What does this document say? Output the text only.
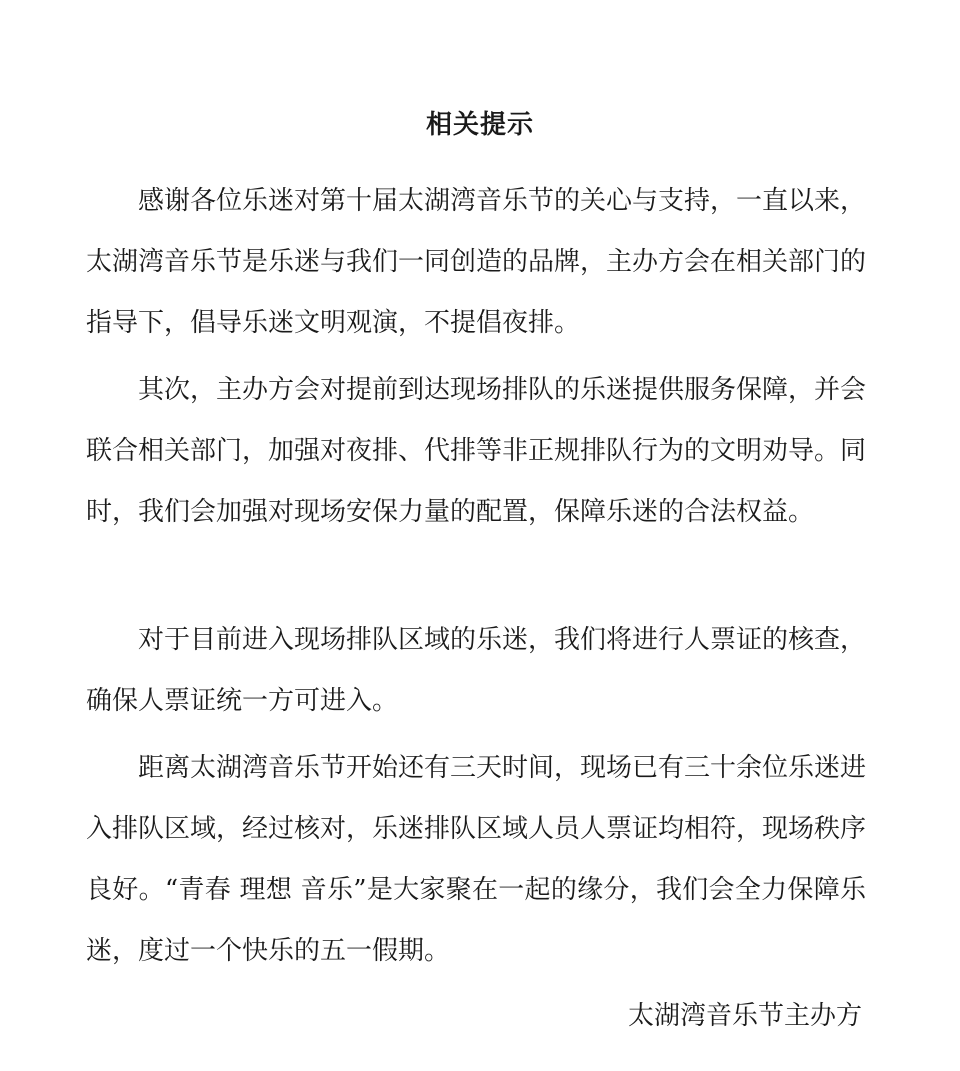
相关提示

感谢各位乐迷对第十届太湖湾音乐节的关心与支持，一直以来，太湖湾音乐节是乐迷与我们一同创造的品牌，主办方会在相关部门的指导下，倡导乐迷文明观演，不提倡夜排。

其次，主办方会对提前到达现场排队的乐迷提供服务保障，并会联合相关部门，加强对夜排、代排等非正规排队行为的文明劝导。同时，我们会加强对现场安保力量的配置，保障乐迷的合法权益。

对于目前进入现场排队区域的乐迷，我们将进行人票证的核查，确保人票证统一方可进入。

距离太湖湾音乐节开始还有三天时间，现场已有三十余位乐迷进入排队区域，经过核对，乐迷排队区域人员人票证均相符，现场秩序良好。“青春 理想 音乐”是大家聚在一起的缘分，我们会全力保障乐迷，度过一个快乐的五一假期。

太湖湾音乐节主办方
